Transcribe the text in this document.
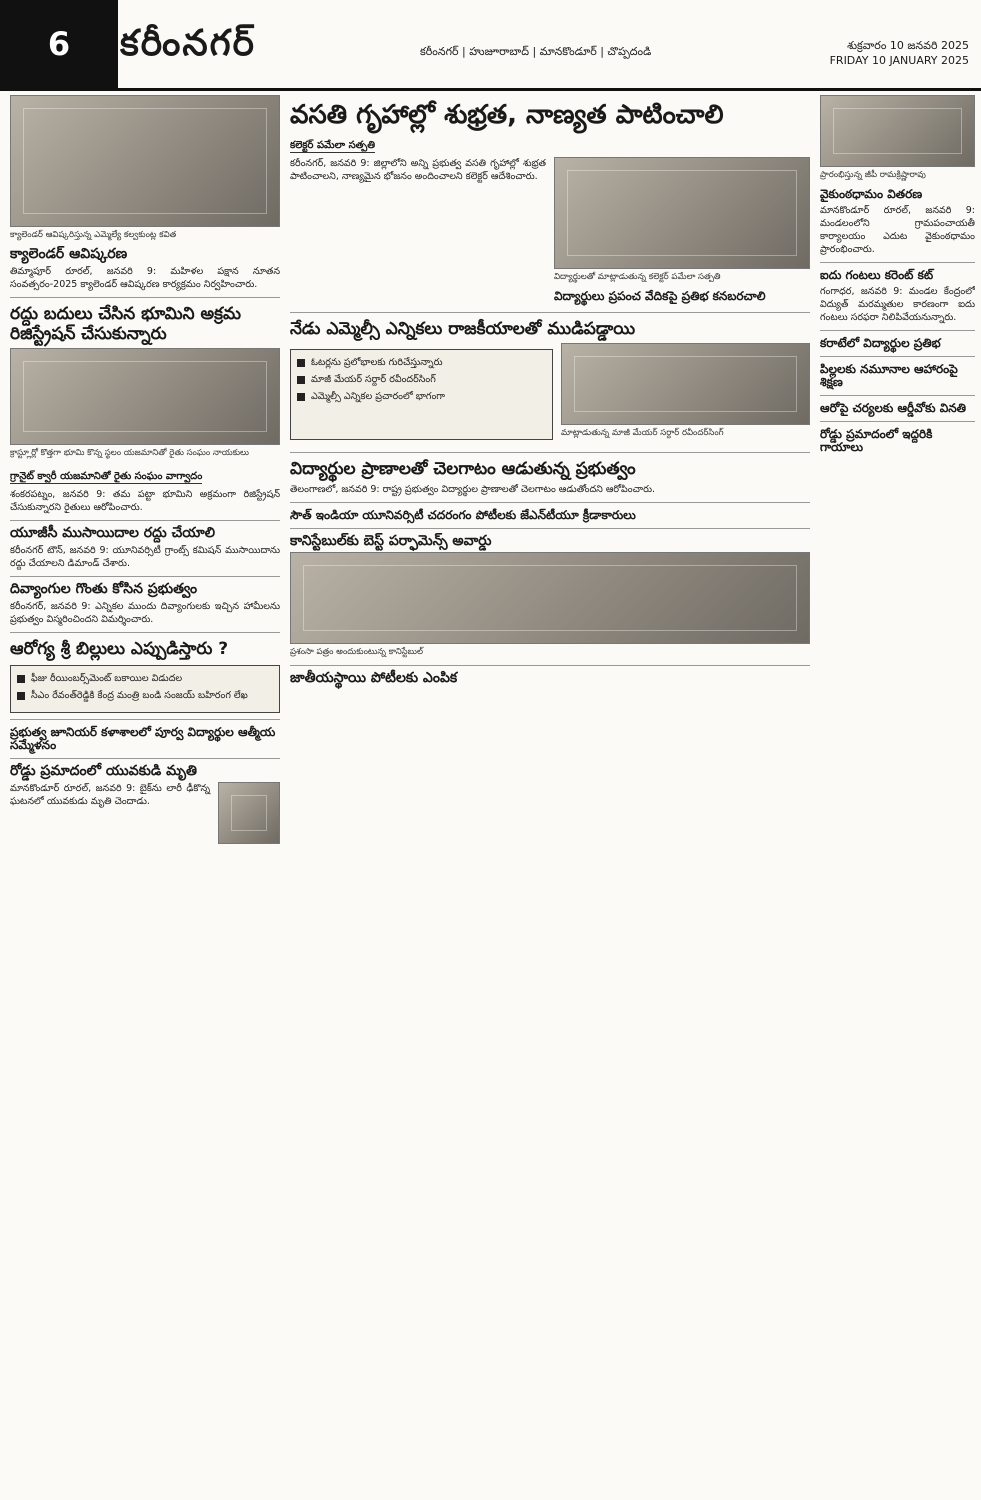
6	కరీంనగర్	కరీంనగర్ | హుజూరాబాద్ | మానకొండూర్ | చొప్పదండి	శుక్రవారం 10 జనవరి 2025
FRIDAY 10 JANUARY 2025
క్యాలెండర్ ఆవిష్కరిస్తున్న ఎమ్మెల్యే కల్వకుంట్ల కవిత
క్యాలెండర్ ఆవిష్కరణ

తిమ్మాపూర్ రూరల్, జనవరి 9: మహిళల పక్షాన నూతన సంవత్సరం-2025 క్యాలెండర్ ఆవిష్కరణ కార్యక్రమం నిర్వహించారు.

రద్దు బదులు చేసిన భూమిని అక్రమ రిజిస్ట్రేషన్ చేసుకున్నారు
క్రాస్ట్లూర్లో కొత్తగా భూమి కొన్న స్థలం యజమానితో రైతు సంఘం నాయకులు
గ్రానైట్ క్వారీ యజమానితో రైతు సంఘం వాగ్వాదం

శంకరపట్నం, జనవరి 9: తమ పట్టా భూమిని అక్రమంగా రిజిస్ట్రేషన్ చేసుకున్నారని రైతులు ఆరోపించారు.

యూజీసీ ముసాయిదాల రద్దు చేయాలి

కరీంనగర్ టౌన్, జనవరి 9: యూనివర్సిటీ గ్రాంట్స్ కమిషన్ ముసాయిదాను రద్దు చేయాలని డిమాండ్ చేశారు.

దివ్యాంగుల గొంతు కోసిన ప్రభుత్వం

కరీంనగర్, జనవరి 9: ఎన్నికల ముందు దివ్యాంగులకు ఇచ్చిన హామీలను ప్రభుత్వం విస్మరించిందని విమర్శించారు.

ఆరోగ్య శ్రీ బిల్లులు ఎప్పుడిస్తారు ?
ఫీజు రీయింబర్స్‌మెంట్ బకాయిల విడుదల
సీఎం రేవంత్‌రెడ్డికి కేంద్ర మంత్రి బండి సంజయ్ బహిరంగ లేఖ
ప్రభుత్వ జూనియర్ కళాశాలలో పూర్వ విద్యార్థుల ఆత్మీయ సమ్మేళనం
రోడ్డు ప్రమాదంలో యువకుడి మృతి

మానకొండూర్ రూరల్, జనవరి 9: బైక్‌ను లారీ ఢీకొన్న ఘటనలో యువకుడు మృతి చెందాడు.

వసతి గృహాల్లో శుభ్రత, నాణ్యత పాటించాలి
కలెక్టర్ పమేలా సత్పతి

కరీంనగర్, జనవరి 9: జిల్లాలోని అన్ని ప్రభుత్వ వసతి గృహాల్లో శుభ్రత పాటించాలని, నాణ్యమైన భోజనం అందించాలని కలెక్టర్ ఆదేశించారు.

విద్యార్థులతో మాట్లాడుతున్న కలెక్టర్ పమేలా సత్పతి
విద్యార్థులు ప్రపంచ వేదికపై ప్రతిభ కనబరచాలి
నేడు ఎమ్మెల్సీ ఎన్నికలు రాజకీయాలతో ముడిపడ్డాయి
ఓటర్లను ప్రలోభాలకు గురిచేస్తున్నారు
మాజీ మేయర్ సర్దార్ రవీందర్‌సింగ్
ఎమ్మెల్సీ ఎన్నికల ప్రచారంలో భాగంగా
మాట్లాడుతున్న మాజీ మేయర్ సర్దార్ రవీందర్‌సింగ్
విద్యార్థుల ప్రాణాలతో చెలగాటం ఆడుతున్న ప్రభుత్వం

తెలంగాణలో, జనవరి 9: రాష్ట్ర ప్రభుత్వం విద్యార్థుల ప్రాణాలతో చెలగాటం ఆడుతోందని ఆరోపించారు.

సౌత్ ఇండియా యూనివర్సిటీ చదరంగం పోటీలకు జేఎన్‌టీయూ క్రీడాకారులు
కానిస్టేబుల్‌కు బెస్ట్ పర్ఫామెన్స్ అవార్డు
ప్రశంసా పత్రం అందుకుంటున్న కానిస్టేబుల్
జాతీయస్థాయి పోటీలకు ఎంపిక
ప్రారంభిస్తున్న జీపీ రామక్రిష్ణారావు
వైకుంఠధామం వితరణ

మానకొండూర్ రూరల్, జనవరి 9: మండలంలోని గ్రామపంచాయతీ కార్యాలయం ఎదుట వైకుంఠధామం ప్రారంభించారు.

ఐదు గంటలు కరెంట్ కట్

గంగాధర, జనవరి 9: మండల కేంద్రంలో విద్యుత్ మరమ్మతుల కారణంగా ఐదు గంటలు సరఫరా నిలిపివేయనున్నారు.

కరాటేలో విద్యార్థుల ప్రతిభ
పిల్లలకు నమూనాల ఆహారంపై శిక్షణ
ఆరోపై చర్యలకు ఆర్డీవోకు వినతి
రోడ్డు ప్రమాదంలో ఇద్దరికి గాయాలు
